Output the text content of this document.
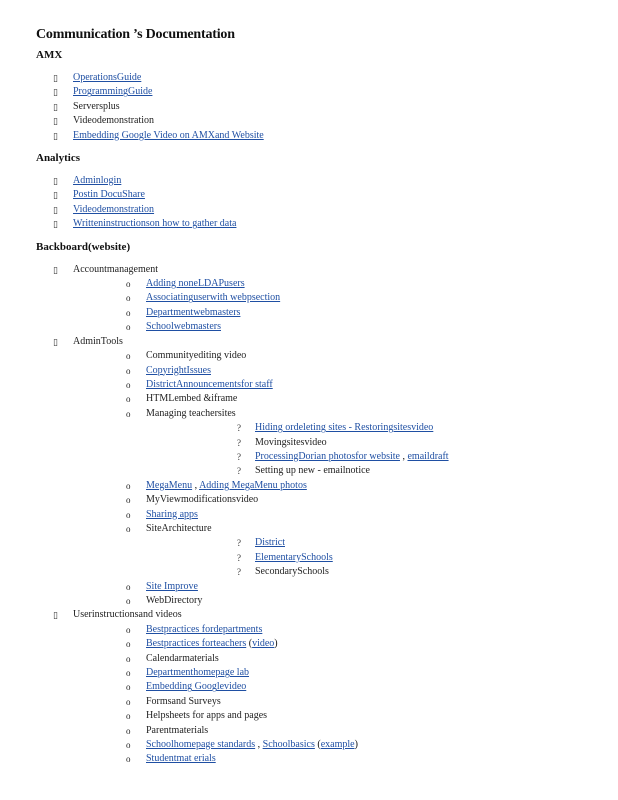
Communication ’s Documentation
AMX
▯ OperationsGuide
▯ ProgrammingGuide
▯ Serversplus
▯ Videodemonstration
▯ Embedding Google Video on AMXand Website
Analytics
▯ Adminlogin
▯ Postin DocuShare
▯ Videodemonstration
▯ Writteninstructionson how to gather data
Backboard(website)
▯ Accountmanagement
o Adding noneLDAPusers
o Associatinguserwith webpsection
o Departmentwebmasters
o Schoolwebmasters
▯ AdminTools
o Communityediting video
o CopyrightIssues
o DistrictAnnouncementsfor staff
o HTMLembed &iframe
o Managing teachersites
? Hiding ordeleting sites - Restoringsitesvideo
? Movingsitesvideo
? ProcessingDorian photosfor website , emaildraft
? Setting up new - emailnotice
o MegaMenu , Adding MegaMenu photos
o MyViewmodificationsvideo
o Sharing apps
o SiteArchitecture
? District
? ElementarySchools
? SecondarySchools
o Site Improve
o WebDirectory
▯ Userinstructionsand videos
o Bestpractices fordepartments
o Bestpractices forteachers (video)
o Calendarmaterials
o Departmenthomepage lab
o Embedding Googlevideo
o Formsand Surveys
o Helpsheets for apps and pages
o Parentmaterials
o Schoolhomepage standards , Schoolbasics (example)
o Studentmat erials
